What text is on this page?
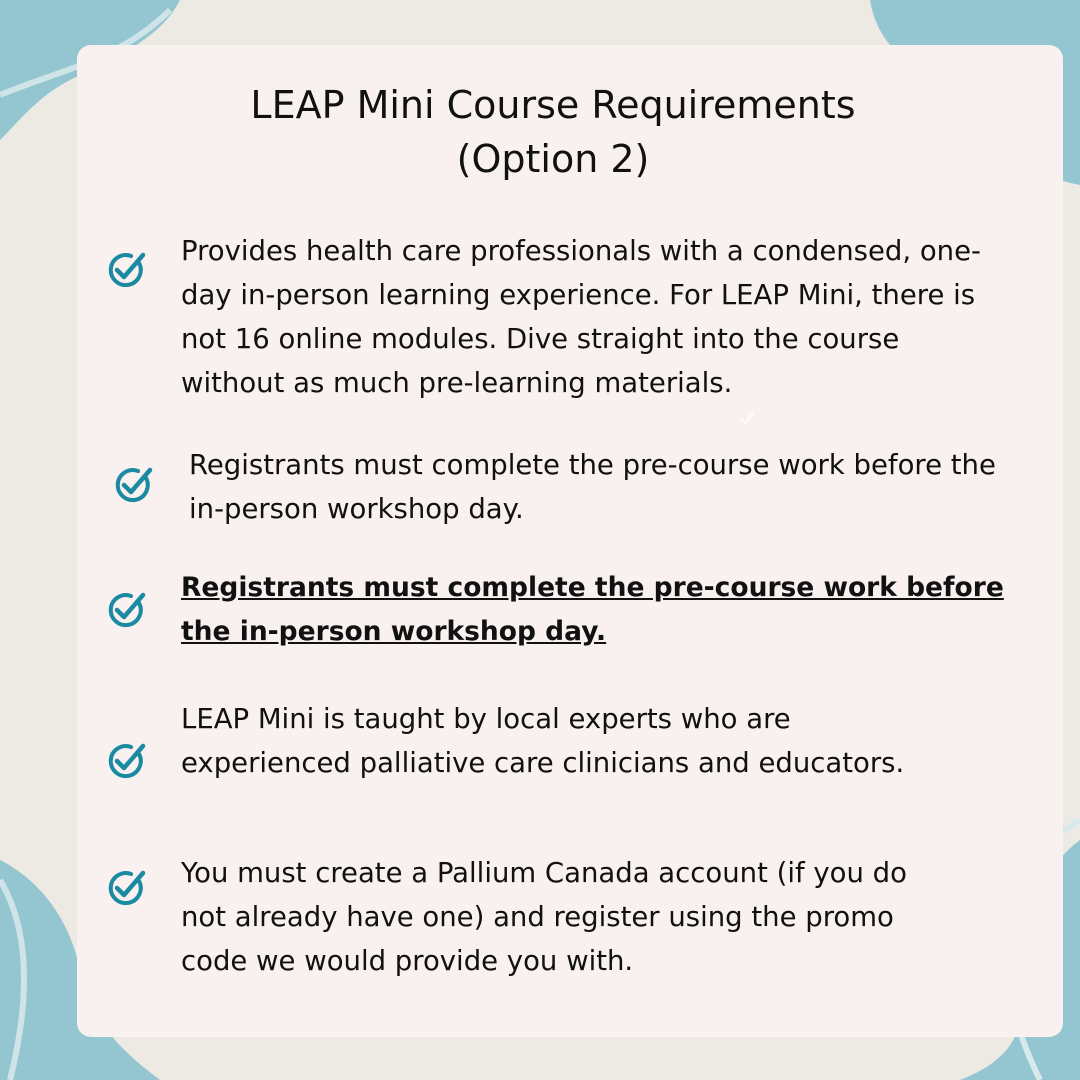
LEAP Mini Course Requirements
(Option 2)

Provides health care professionals with a condensed, one-
day in-person learning experience. For LEAP Mini, there is
not 16 online modules. Dive straight into the course
without as much pre-learning materials.

Registrants must complete the pre-course work before the
in-person workshop day.

Registrants must complete the pre-course work before
the in-person workshop day.

LEAP Mini is taught by local experts who are
experienced palliative care clinicians and educators.

You must create a Pallium Canada account (if you do
not already have one) and register using the promo
code we would provide you with.
